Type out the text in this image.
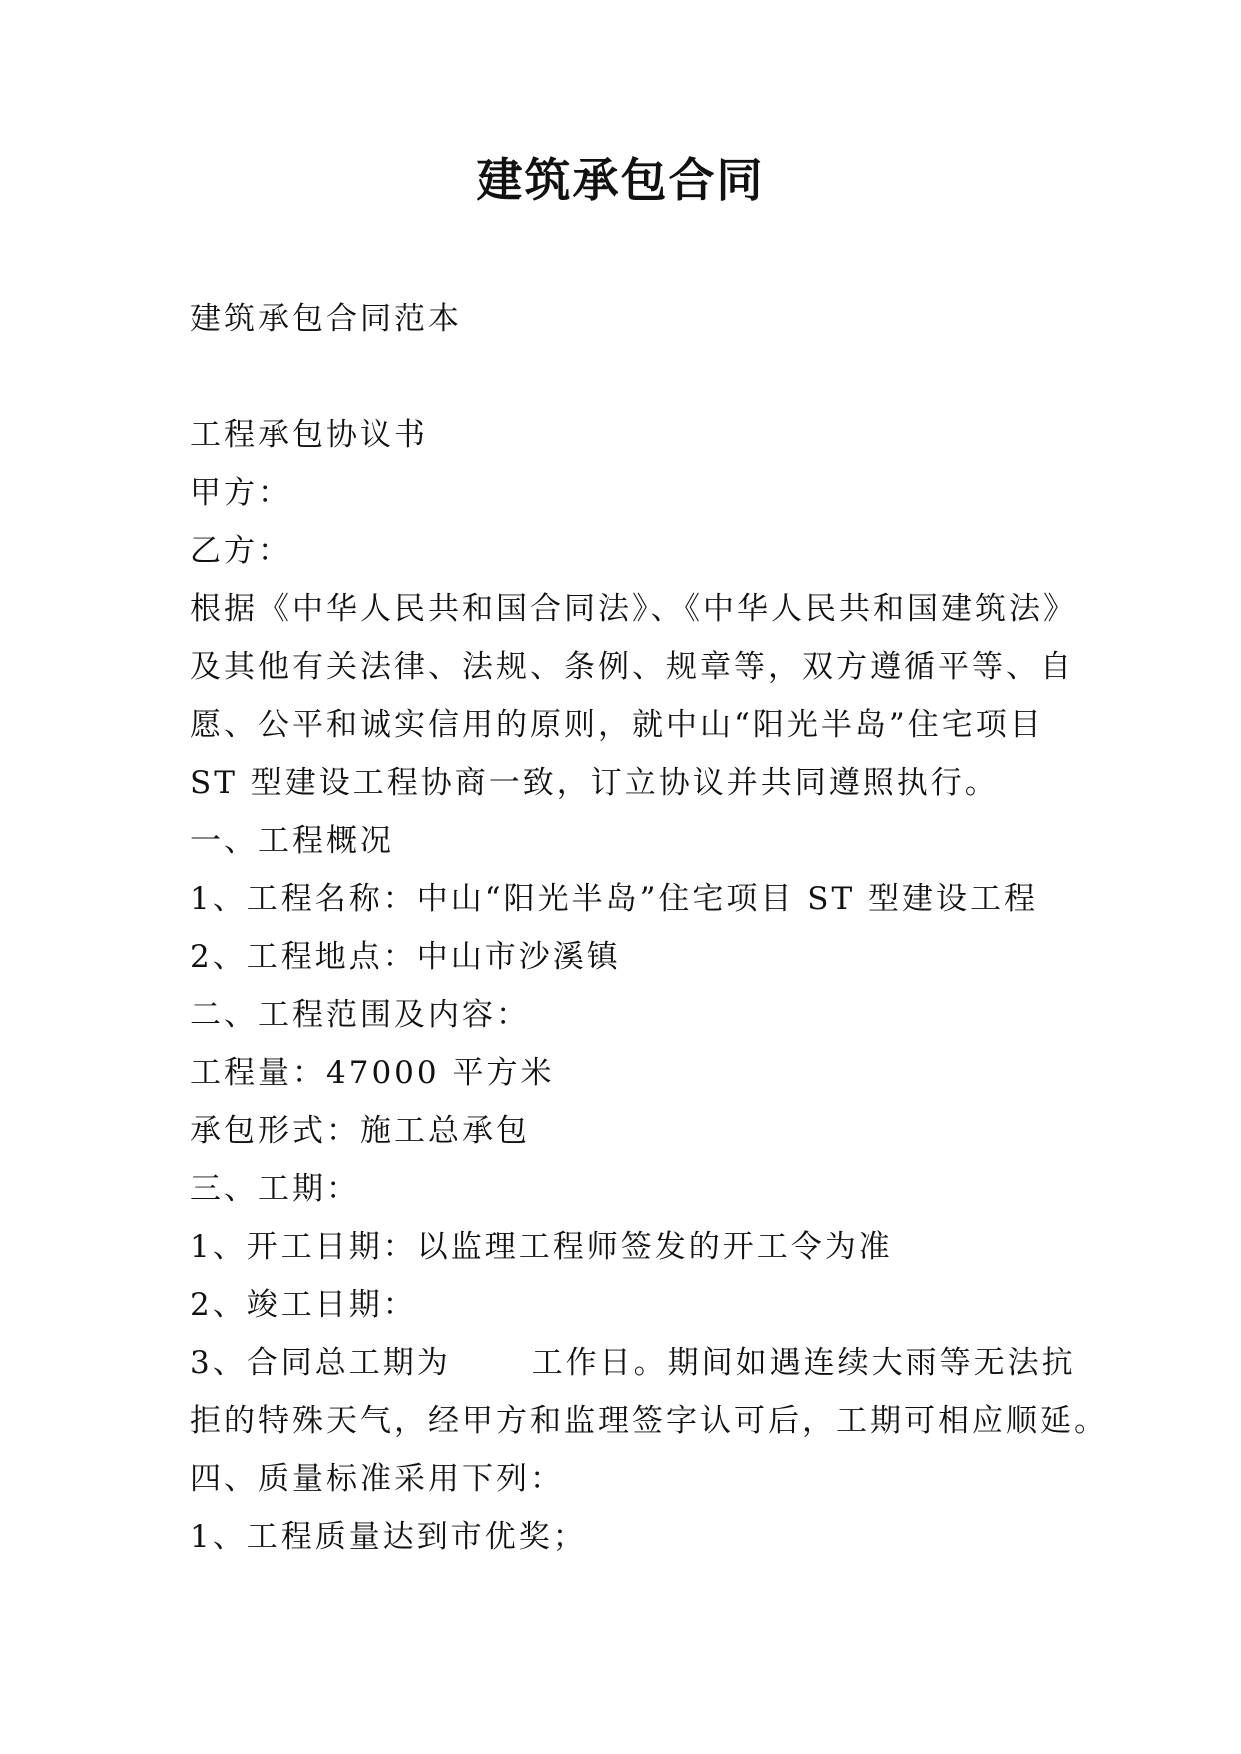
建筑承包合同

建筑承包合同范本

工程承包协议书

甲方：

乙方：

根据《中华人民共和国合同法》、《中华人民共和国建筑法》

及其他有关法律、法规、条例、规章等，双方遵循平等、自

愿、公平和诚实信用的原则，就中山“阳光半岛”住宅项目

ST 型建设工程协商一致，订立协议并共同遵照执行。

一、工程概况

1、工程名称：中山“阳光半岛”住宅项目 ST 型建设工程

2、工程地点：中山市沙溪镇

二、工程范围及内容：

工程量：47000 平方米

承包形式：施工总承包

三、工期：

1、开工日期：以监理工程师签发的开工令为准

2、竣工日期：

3、合同总工期为　　 工作日。期间如遇连续大雨等无法抗

拒的特殊天气，经甲方和监理签字认可后，工期可相应顺延。

四、质量标准采用下列：

1、工程质量达到市优奖；
